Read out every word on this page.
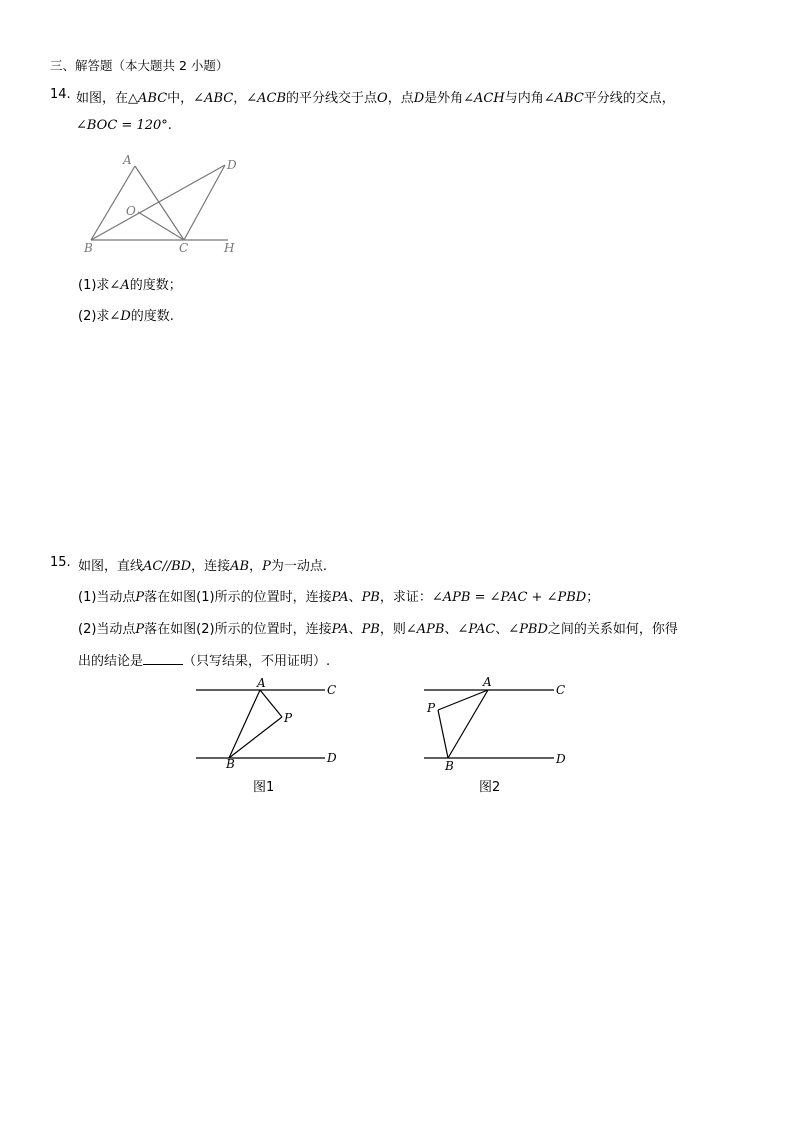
三、解答题（本大题共 2 小题）
14. 如图，在△ABC中，∠ABC，∠ACB的平分线交于点O，点D是外角∠ACH与内角∠ABC平分线的交点，
∠BOC = 120°.
A	D
O
B	C	H
(1)求∠A的度数；
(2)求∠D的度数.
15. 如图，直线AC//BD，连接AB，P为一动点.
(1)当动点P落在如图(1)所示的位置时，连接PA、PB，求证：∠APB = ∠PAC + ∠PBD；
(2)当动点P落在如图(2)所示的位置时，连接PA、PB，则∠APB、∠PAC、∠PBD之间的关系如何，你得
出的结论是	（只写结果，不用证明）.
A	C
P
B	D
图1
A
C
P
B	D
图2
